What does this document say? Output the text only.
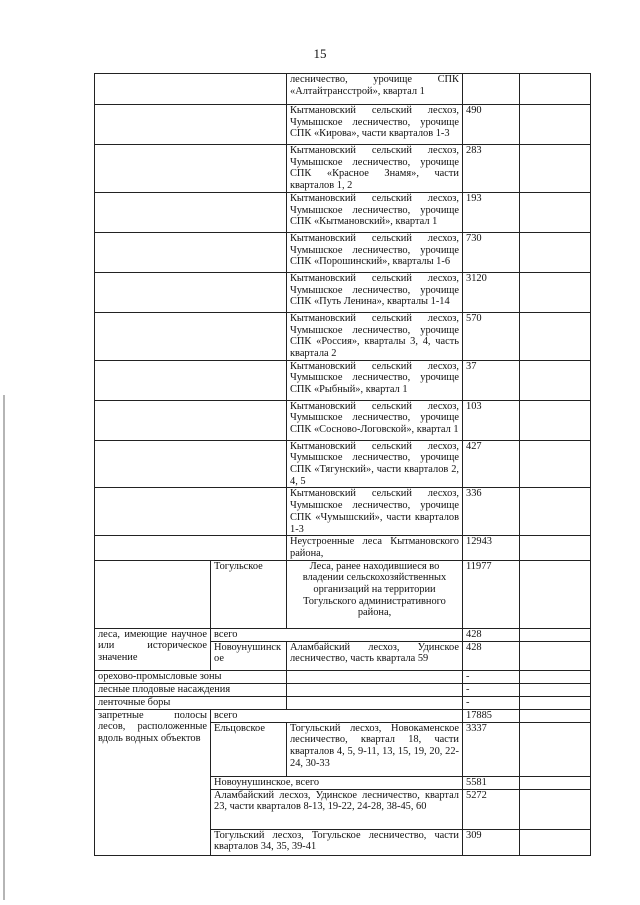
15
		лесничество, урочище СПК «Алтайтрансстрой», квартал 1		
		Кытмановский сельский лесхоз, Чумышское лесничество, урочище СПК «Кирова», части кварталов 1-3	490	
		Кытмановский сельский лесхоз, Чумышское лесничество, урочище СПК «Красное Знамя», части кварталов 1, 2	283	
		Кытмановский сельский лесхоз, Чумышское лесничество, урочище СПК «Кытмановский», квартал 1	193	
		Кытмановский сельский лесхоз, Чумышское лесничество, урочище СПК «Порошинский», кварталы 1-6	730	
		Кытмановский сельский лесхоз, Чумышское лесничество, урочище СПК «Путь Ленина», кварталы 1-14	3120	
		Кытмановский сельский лесхоз, Чумышское лесничество, урочище СПК «Россия», кварталы 3, 4, часть квартала 2	570	
		Кытмановский сельский лесхоз, Чумышское лесничество, урочище СПК «Рыбный», квартал 1	37	
		Кытмановский сельский лесхоз, Чумышское лесничество, урочище СПК «Сосново-Логовской», квартал 1	103	
		Кытмановский сельский лесхоз, Чумышское лесничество, урочище СПК «Тягунский», части кварталов 2, 4, 5	427	
		Кытмановский сельский лесхоз, Чумышское лесничество, урочище СПК «Чумышский», части кварталов 1-3	336	
		Неустроенные леса Кытмановского района,	12943	
	Тогульское	Леса, ранее находившиеся во владении сельскохозяйственных организаций на территории Тогульского административного района,	11977	
леса, имеющие научное или историческое значение	всего		428	
	Новоунушинское	Аламбайский лесхоз, Удинское лесничество, часть квартала 59	428	
орехово-промысловые зоны			-	
лесные плодовые насаждения			-	
ленточные боры			-	
запретные полосы лесов, расположенные вдоль водных объектов	всего		17885	
	Ельцовское	Тогульский лесхоз, Новокаменское лесничество, квартал 18, части кварталов 4, 5, 9-11, 13, 15, 19, 20, 22-24, 30-33	3337	
	Новоунушинское, всего		5581	
	Аламбайский лесхоз, Удинское лесничество, квартал 23, части кварталов 8-13, 19-22, 24-28, 38-45, 60		5272	
	Тогульский лесхоз, Тогульское лесничество, части кварталов 34, 35, 39-41		309	
